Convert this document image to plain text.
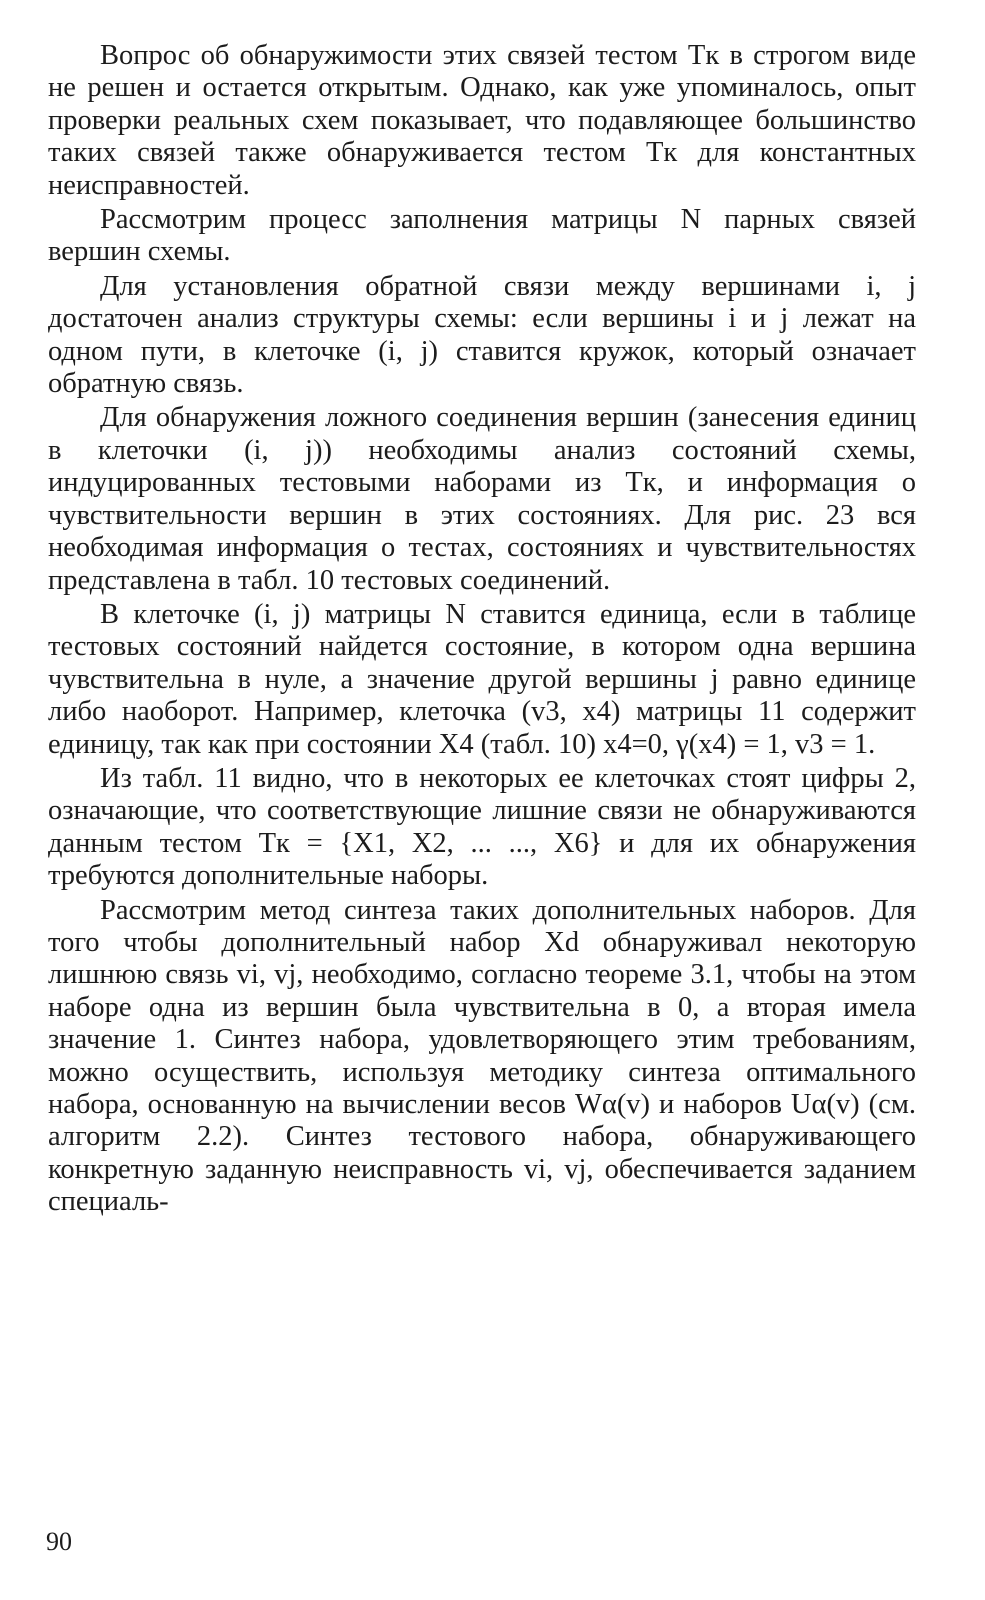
Вопрос об обнаружимости этих связей тестом Tк в строгом виде не решен и остается открытым. Однако, как уже упоминалось, опыт проверки реальных схем показывает, что подавляющее большинство таких связей также обнаруживается тестом Tк для константных неисправностей.

Рассмотрим процесс заполнения матрицы N парных связей вершин схемы.

Для установления обратной связи между вершинами i, j достаточен анализ структуры схемы: если вершины i и j лежат на одном пути, в клеточке (i, j) ставится кружок, который означает обратную связь.

Для обнаружения ложного соединения вершин (занесения единиц в клеточки (i, j)) необходимы анализ состояний схемы, индуцированных тестовыми наборами из Tк, и информация о чувствительности вершин в этих состояниях. Для рис. 23 вся необходимая информация о тестах, состояниях и чувствительностях представлена в табл. 10 тестовых соединений.

В клеточке (i, j) матрицы N ставится единица, если в таблице тестовых состояний найдется состояние, в котором одна вершина чувствительна в нуле, а значение другой вершины j равно единице либо наоборот. Например, клеточка (v3, x4) матрицы 11 содержит единицу, так как при состоянии X4 (табл. 10) x4=0, γ(x4) = 1, v3 = 1.

Из табл. 11 видно, что в некоторых ее клеточках стоят цифры 2, означающие, что соответствующие лишние связи не обнаруживаются данным тестом Tк = {X1, X2, ... ..., X6} и для их обнаружения требуются дополнительные наборы.

Рассмотрим метод синтеза таких дополнительных наборов. Для того чтобы дополнительный набор Xd обнаруживал некоторую лишнюю связь vi, vj, необходимо, согласно теореме 3.1, чтобы на этом наборе одна из вершин была чувствительна в 0, а вторая имела значение 1. Синтез набора, удовлетворяющего этим требованиям, можно осуществить, используя методику синтеза оптимального набора, основанную на вычислении весов Wα(v) и наборов Uα(v) (см. алгоритм 2.2). Синтез тестового набора, обнаруживающего конкретную заданную неисправность vi, vj, обеспечивается заданием специаль-

90
